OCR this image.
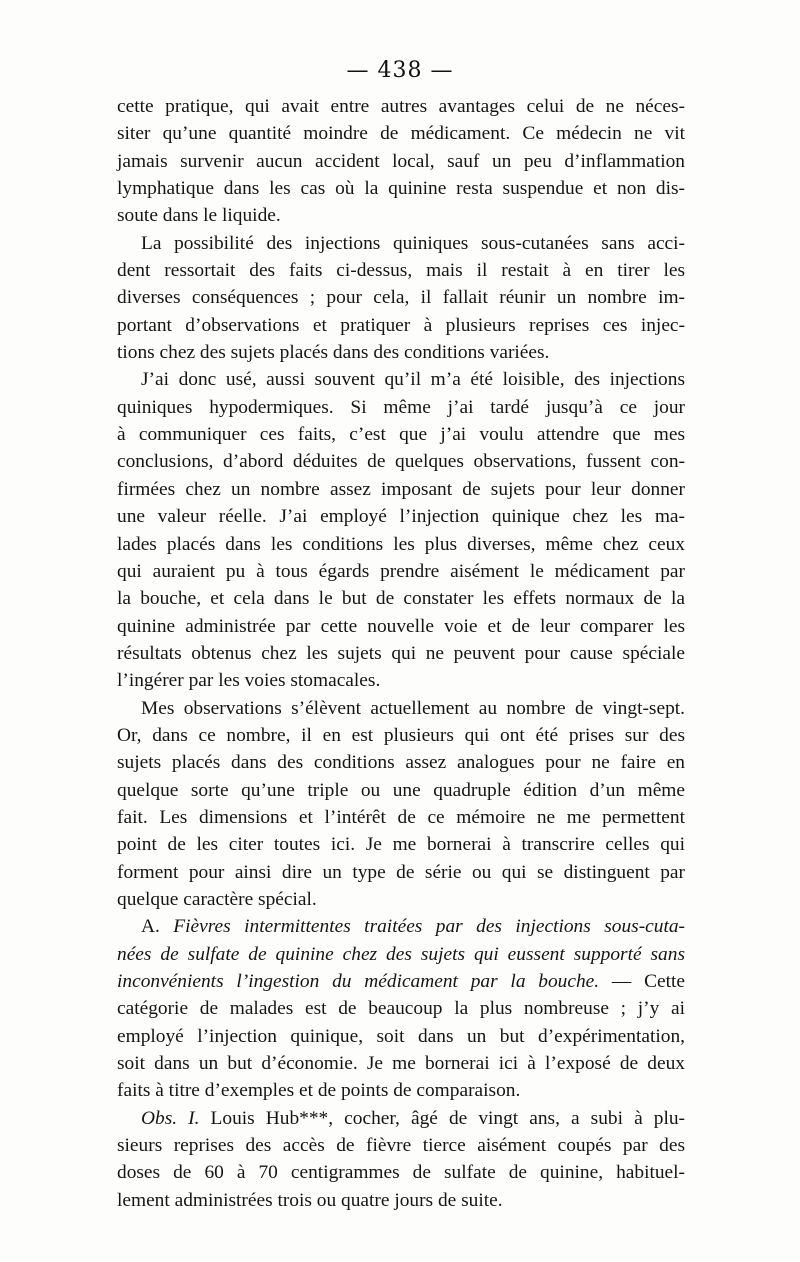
— 438 —
cette pratique, qui avait entre autres avantages celui de ne néces-
siter qu’une quantité moindre de médicament. Ce médecin ne vit
jamais survenir aucun accident local, sauf un peu d’inflammation
lymphatique dans les cas où la quinine resta suspendue et non dis-
soute dans le liquide.
La possibilité des injections quiniques sous-cutanées sans acci-
dent ressortait des faits ci-dessus, mais il restait à en tirer les
diverses conséquences ; pour cela, il fallait réunir un nombre im-
portant d’observations et pratiquer à plusieurs reprises ces injec-
tions chez des sujets placés dans des conditions variées.
J’ai donc usé, aussi souvent qu’il m’a été loisible, des injections
quiniques hypodermiques. Si même j’ai tardé jusqu’à ce jour
à communiquer ces faits, c’est que j’ai voulu attendre que mes
conclusions, d’abord déduites de quelques observations, fussent con-
firmées chez un nombre assez imposant de sujets pour leur donner
une valeur réelle. J’ai employé l’injection quinique chez les ma-
lades placés dans les conditions les plus diverses, même chez ceux
qui auraient pu à tous égards prendre aisément le médicament par
la bouche, et cela dans le but de constater les effets normaux de la
quinine administrée par cette nouvelle voie et de leur comparer les
résultats obtenus chez les sujets qui ne peuvent pour cause spéciale
l’ingérer par les voies stomacales.
Mes observations s’élèvent actuellement au nombre de vingt-sept.
Or, dans ce nombre, il en est plusieurs qui ont été prises sur des
sujets placés dans des conditions assez analogues pour ne faire en
quelque sorte qu’une triple ou une quadruple édition d’un même
fait. Les dimensions et l’intérêt de ce mémoire ne me permettent
point de les citer toutes ici. Je me bornerai à transcrire celles qui
forment pour ainsi dire un type de série ou qui se distinguent par
quelque caractère spécial.
A. Fièvres intermittentes traitées par des injections sous-cuta-
nées de sulfate de quinine chez des sujets qui eussent supporté sans
inconvénients l’ingestion du médicament par la bouche. — Cette
catégorie de malades est de beaucoup la plus nombreuse ; j’y ai
employé l’injection quinique, soit dans un but d’expérimentation,
soit dans un but d’économie. Je me bornerai ici à l’exposé de deux
faits à titre d’exemples et de points de comparaison.
Obs. I. Louis Hub***, cocher, âgé de vingt ans, a subi à plu-
sieurs reprises des accès de fièvre tierce aisément coupés par des
doses de 60 à 70 centigrammes de sulfate de quinine, habituel-
lement administrées trois ou quatre jours de suite.
